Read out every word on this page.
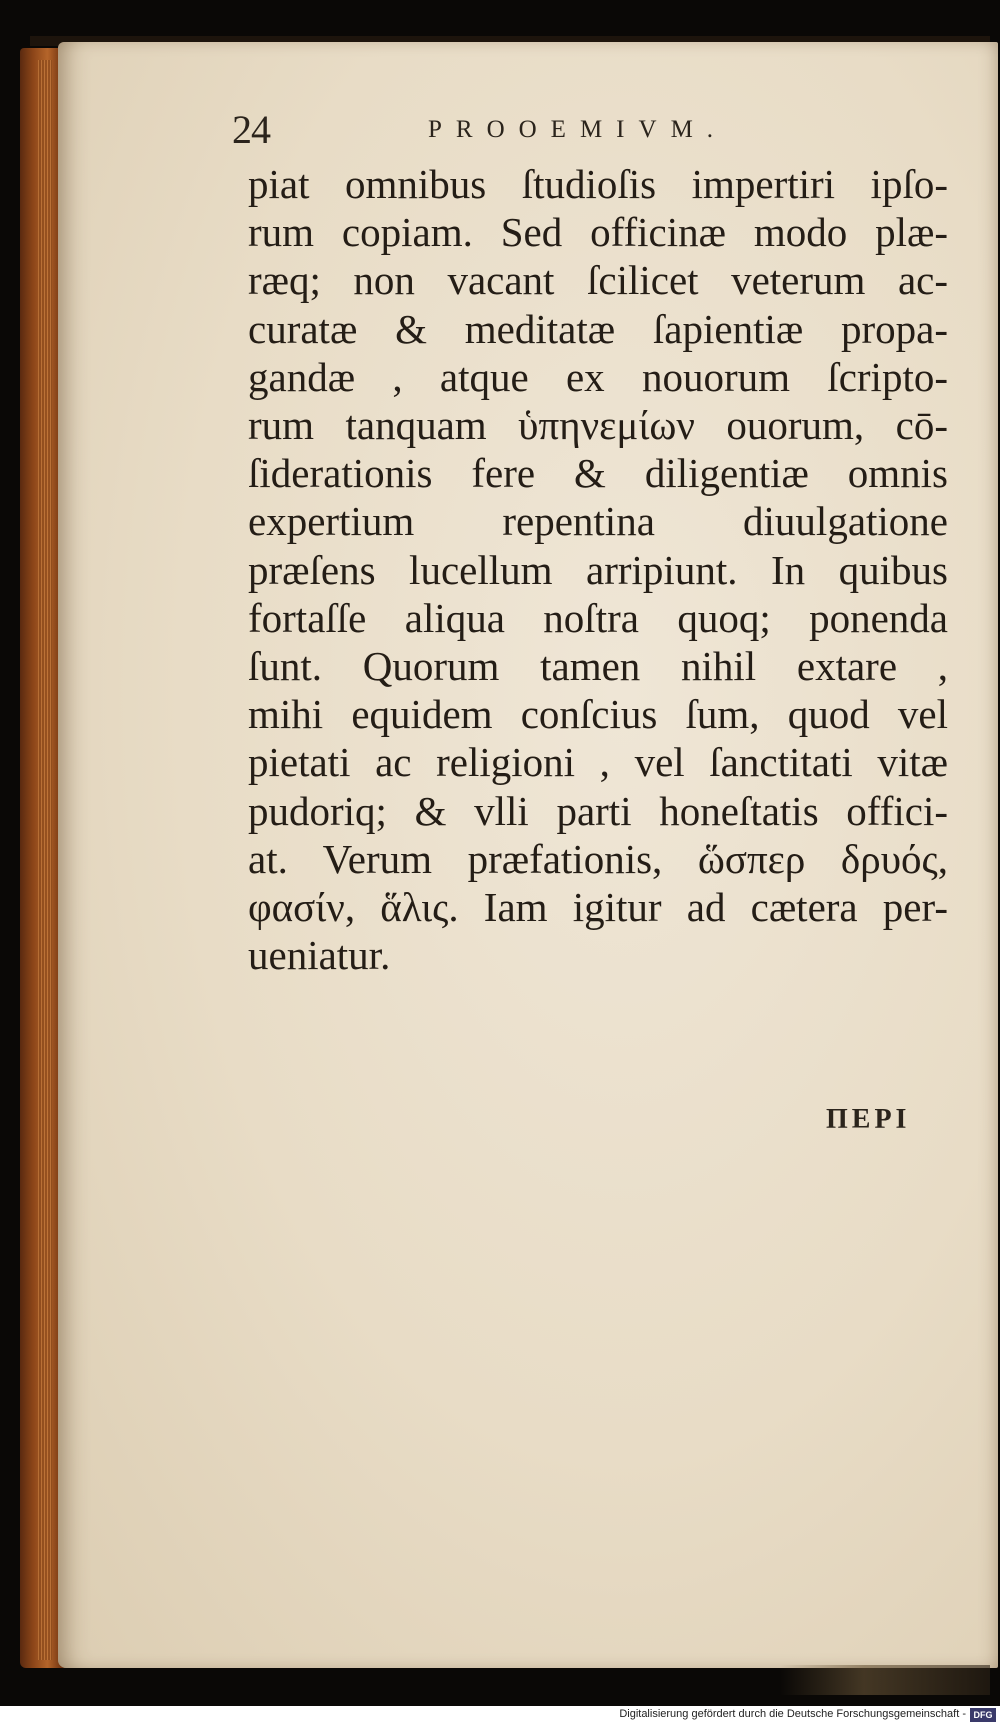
24	PROOEMIVM.
piat omnibus ſtudioſis impertiri ipſo-
rum copiam. Sed officinæ modo plæ-
ræq; non vacant ſcilicet veterum ac-
curatæ & meditatæ ſapientiæ propa-
gandæ , atque ex nouorum ſcripto-
rum tanquam ὑπηνεμίων ouorum, cō-
ſiderationis fere & diligentiæ omnis
expertium repentina diuulgatione
præſens lucellum arripiunt. In quibus
fortaſſe aliqua noſtra quoq; ponenda
ſunt. Quorum tamen nihil extare ,
mihi equidem conſcius ſum, quod vel
pietati ac religioni , vel ſanctitati vitæ
pudoriq; & vlli parti honeſtatis offici-
at. Verum præfationis, ὥσπερ δρυός,
φασίν, ἅλις. Iam igitur ad cætera per-
ueniatur.
ΠΕΡΙ
Digitalisierung gefördert durch die Deutsche Forschungsgemeinschaft - DFG
